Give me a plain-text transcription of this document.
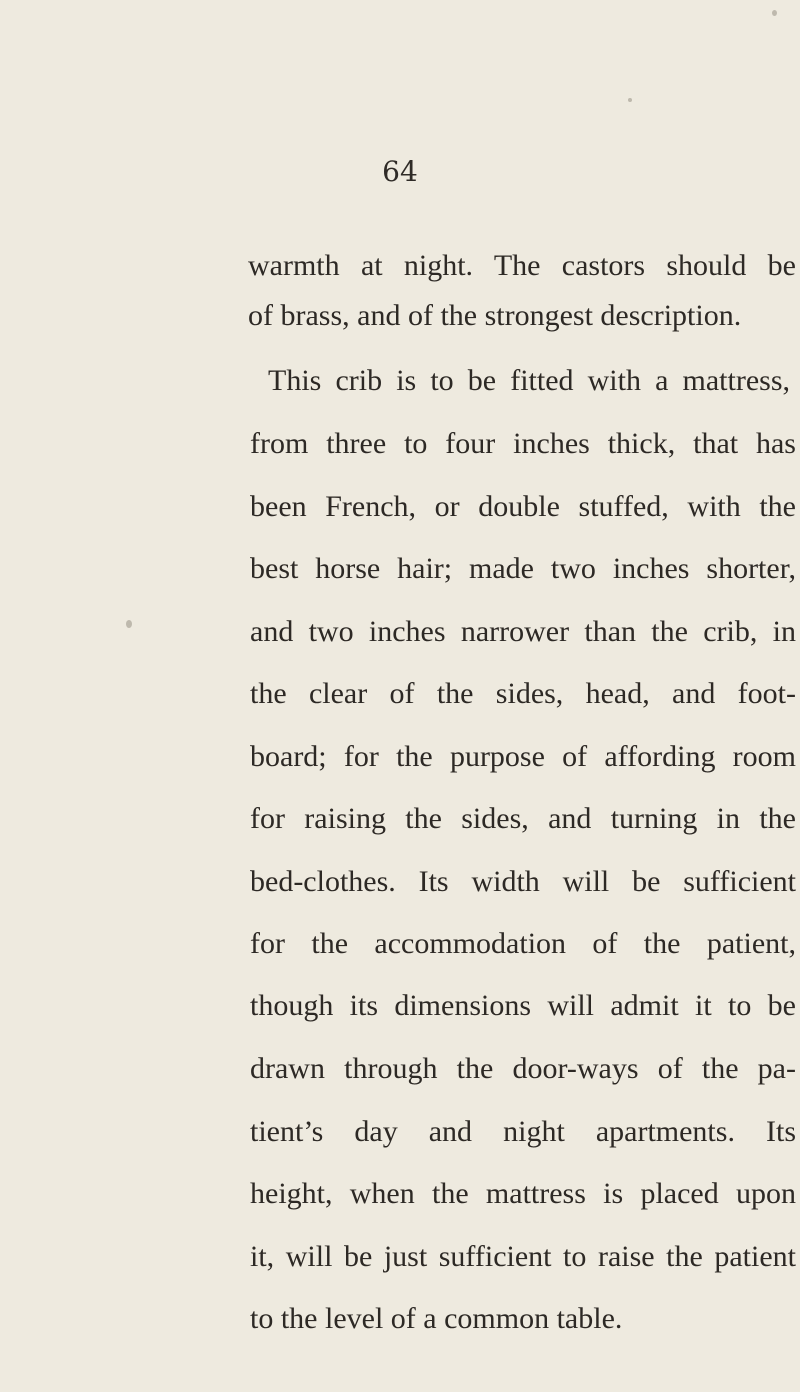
64
warmth at night. The castors should be
of brass, and of the strongest description.
This crib is to be fitted with a mattress,
from three to four inches thick, that has
been French, or double stuffed, with the
best horse hair; made two inches shorter,
and two inches narrower than the crib, in
the clear of the sides, head, and foot-
board; for the purpose of affording room
for raising the sides, and turning in the
bed-clothes. Its width will be sufficient
for the accommodation of the patient,
though its dimensions will admit it to be
drawn through the door-ways of the pa-
tient’s day and night apartments. Its
height, when the mattress is placed upon
it, will be just sufficient to raise the patient
to the level of a common table.
